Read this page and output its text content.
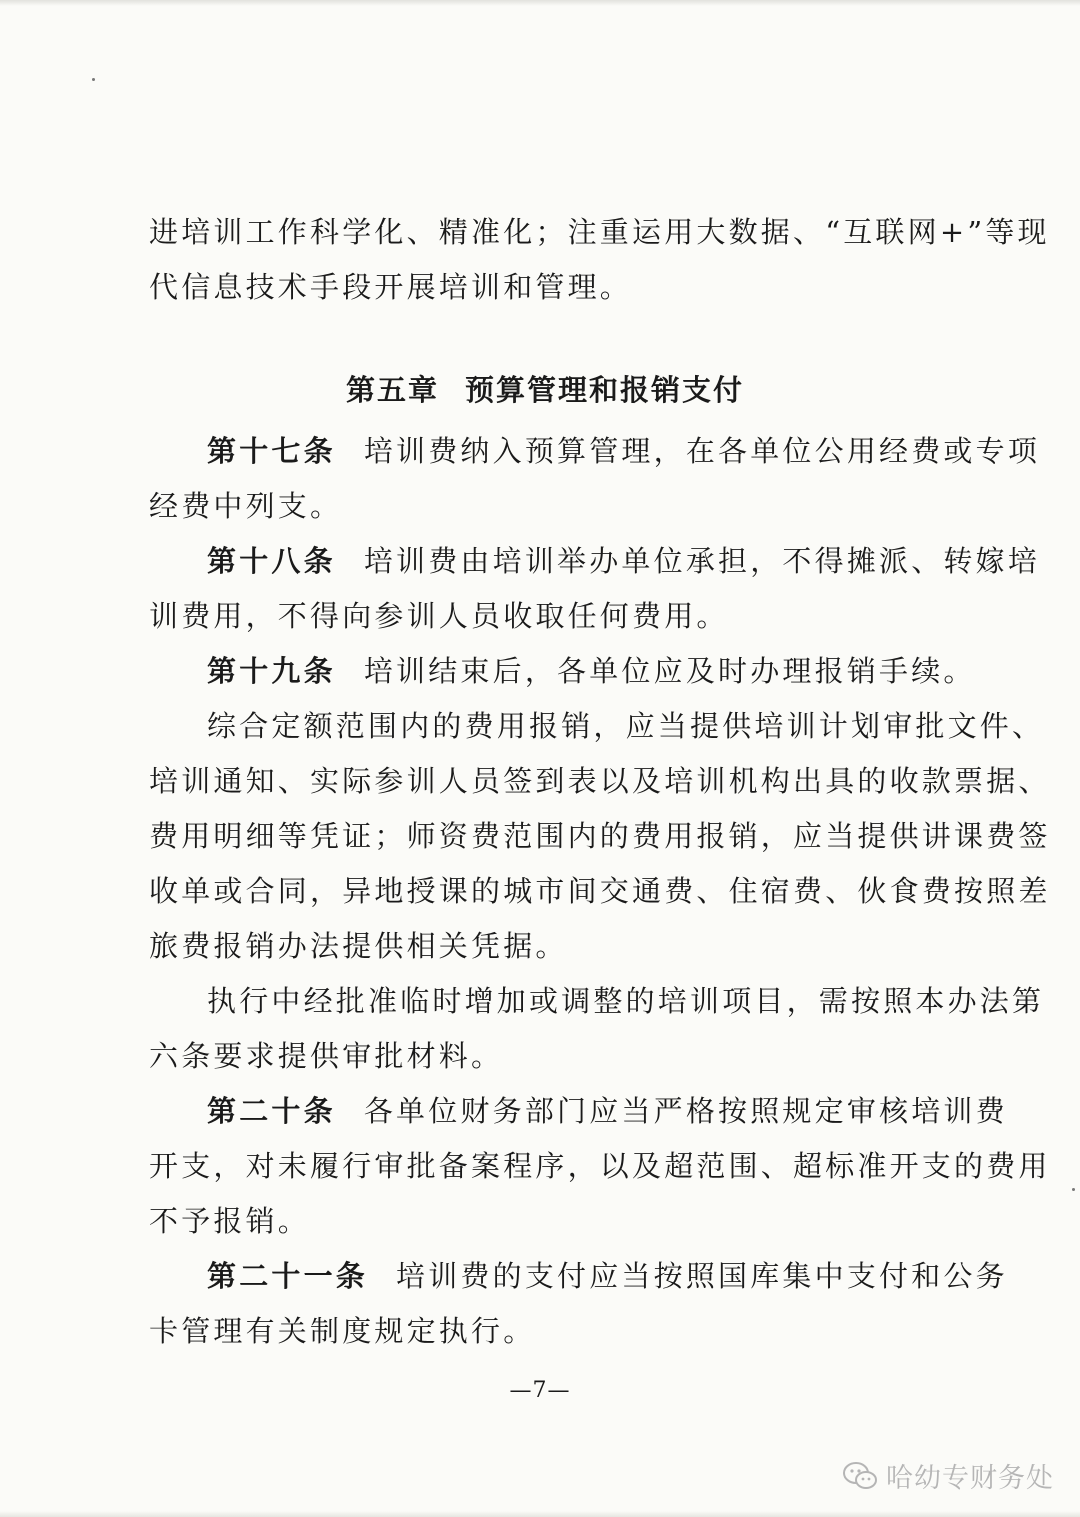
进培训工作科学化、精准化；注重运用大数据、“互联网+”等现
代信息技术手段开展培训和管理。
第五章 预算管理和报销支付
第十七条 培训费纳入预算管理，在各单位公用经费或专项
经费中列支。
第十八条 培训费由培训举办单位承担，不得摊派、转嫁培
训费用，不得向参训人员收取任何费用。
第十九条 培训结束后，各单位应及时办理报销手续。
综合定额范围内的费用报销，应当提供培训计划审批文件、
培训通知、实际参训人员签到表以及培训机构出具的收款票据、
费用明细等凭证；师资费范围内的费用报销，应当提供讲课费签
收单或合同，异地授课的城市间交通费、住宿费、伙食费按照差
旅费报销办法提供相关凭据。
执行中经批准临时增加或调整的培训项目，需按照本办法第
六条要求提供审批材料。
第二十条 各单位财务部门应当严格按照规定审核培训费
开支，对未履行审批备案程序，以及超范围、超标准开支的费用
不予报销。
第二十一条 培训费的支付应当按照国库集中支付和公务
卡管理有关制度规定执行。
—7—
哈幼专财务处
